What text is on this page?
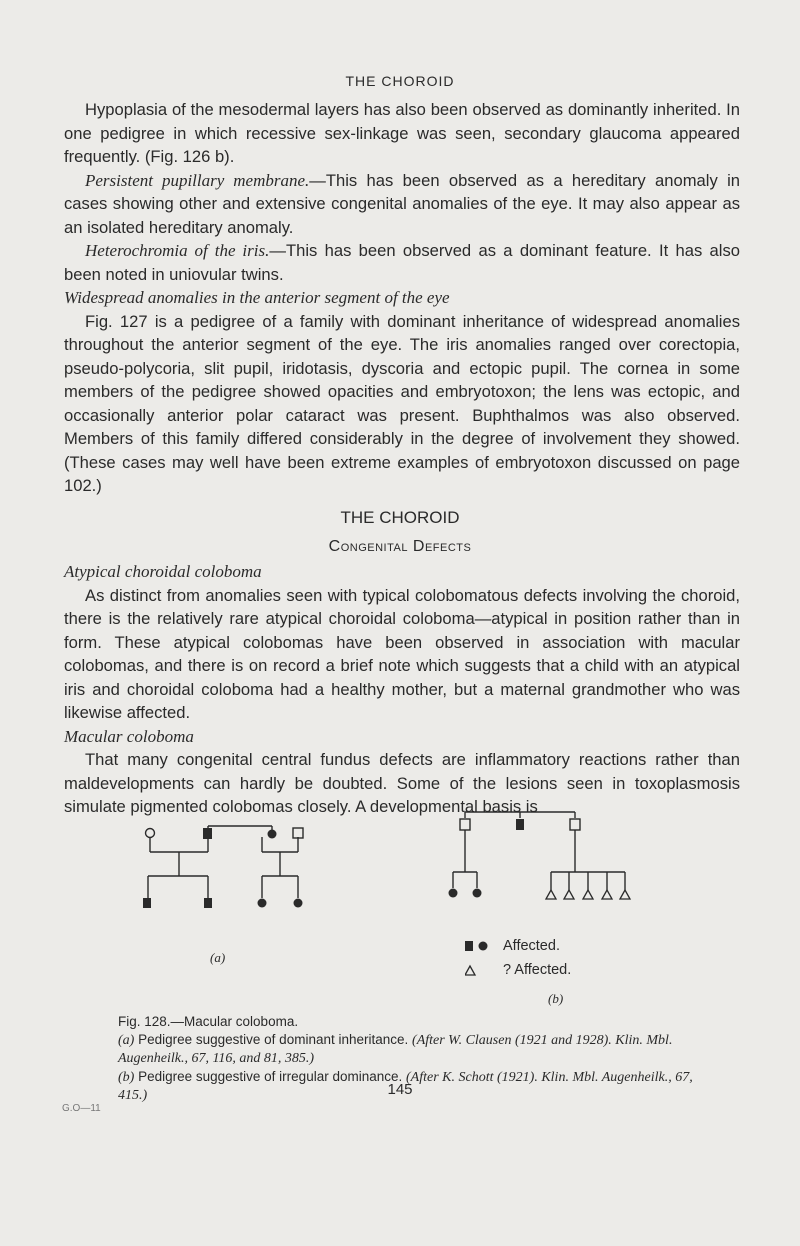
THE CHOROID

Hypoplasia of the mesodermal layers has also been observed as dominantly inherited. In one pedigree in which recessive sex-linkage was seen, secondary glaucoma appeared frequently. (Fig. 126 b).

Persistent pupillary membrane.—This has been observed as a hereditary anomaly in cases showing other and extensive congenital anomalies of the eye. It may also appear as an isolated hereditary anomaly.

Heterochromia of the iris.—This has been observed as a dominant feature. It has also been noted in uniovular twins.

Widespread anomalies in the anterior segment of the eye

Fig. 127 is a pedigree of a family with dominant inheritance of widespread anomalies throughout the anterior segment of the eye. The iris anomalies ranged over corectopia, pseudo-polycoria, slit pupil, iridotasis, dyscoria and ectopic pupil. The cornea in some members of the pedigree showed opacities and embryotoxon; the lens was ectopic, and occasionally anterior polar cataract was present. Buphthalmos was also observed. Members of this family differed considerably in the degree of involvement they showed. (These cases may well have been extreme examples of embryotoxon discussed on page 102.)

THE CHOROID
Congenital Defects

Atypical choroidal coloboma

As distinct from anomalies seen with typical colobomatous defects involving the choroid, there is the relatively rare atypical choroidal coloboma—atypical in position rather than in form. These atypical colobomas have been observed in association with macular colobomas, and there is on record a brief note which suggests that a child with an atypical iris and choroidal coloboma had a healthy mother, but a maternal grandmother who was likewise affected.

Macular coloboma

That many congenital central fundus defects are inflammatory reactions rather than maldevelopments can hardly be doubted. Some of the lesions seen in toxoplasmosis simulate pigmented colobomas closely. A developmental basis is

(a)
Affected.
? Affected.
(b)
Fig. 128.—Macular coloboma.
(a) Pedigree suggestive of dominant inheritance. (After W. Clausen (1921 and 1928). Klin. Mbl. Augenheilk., 67, 116, and 81, 385.)
(b) Pedigree suggestive of irregular dominance. (After K. Schott (1921). Klin. Mbl. Augenheilk., 67, 415.)	145
G.O—11
